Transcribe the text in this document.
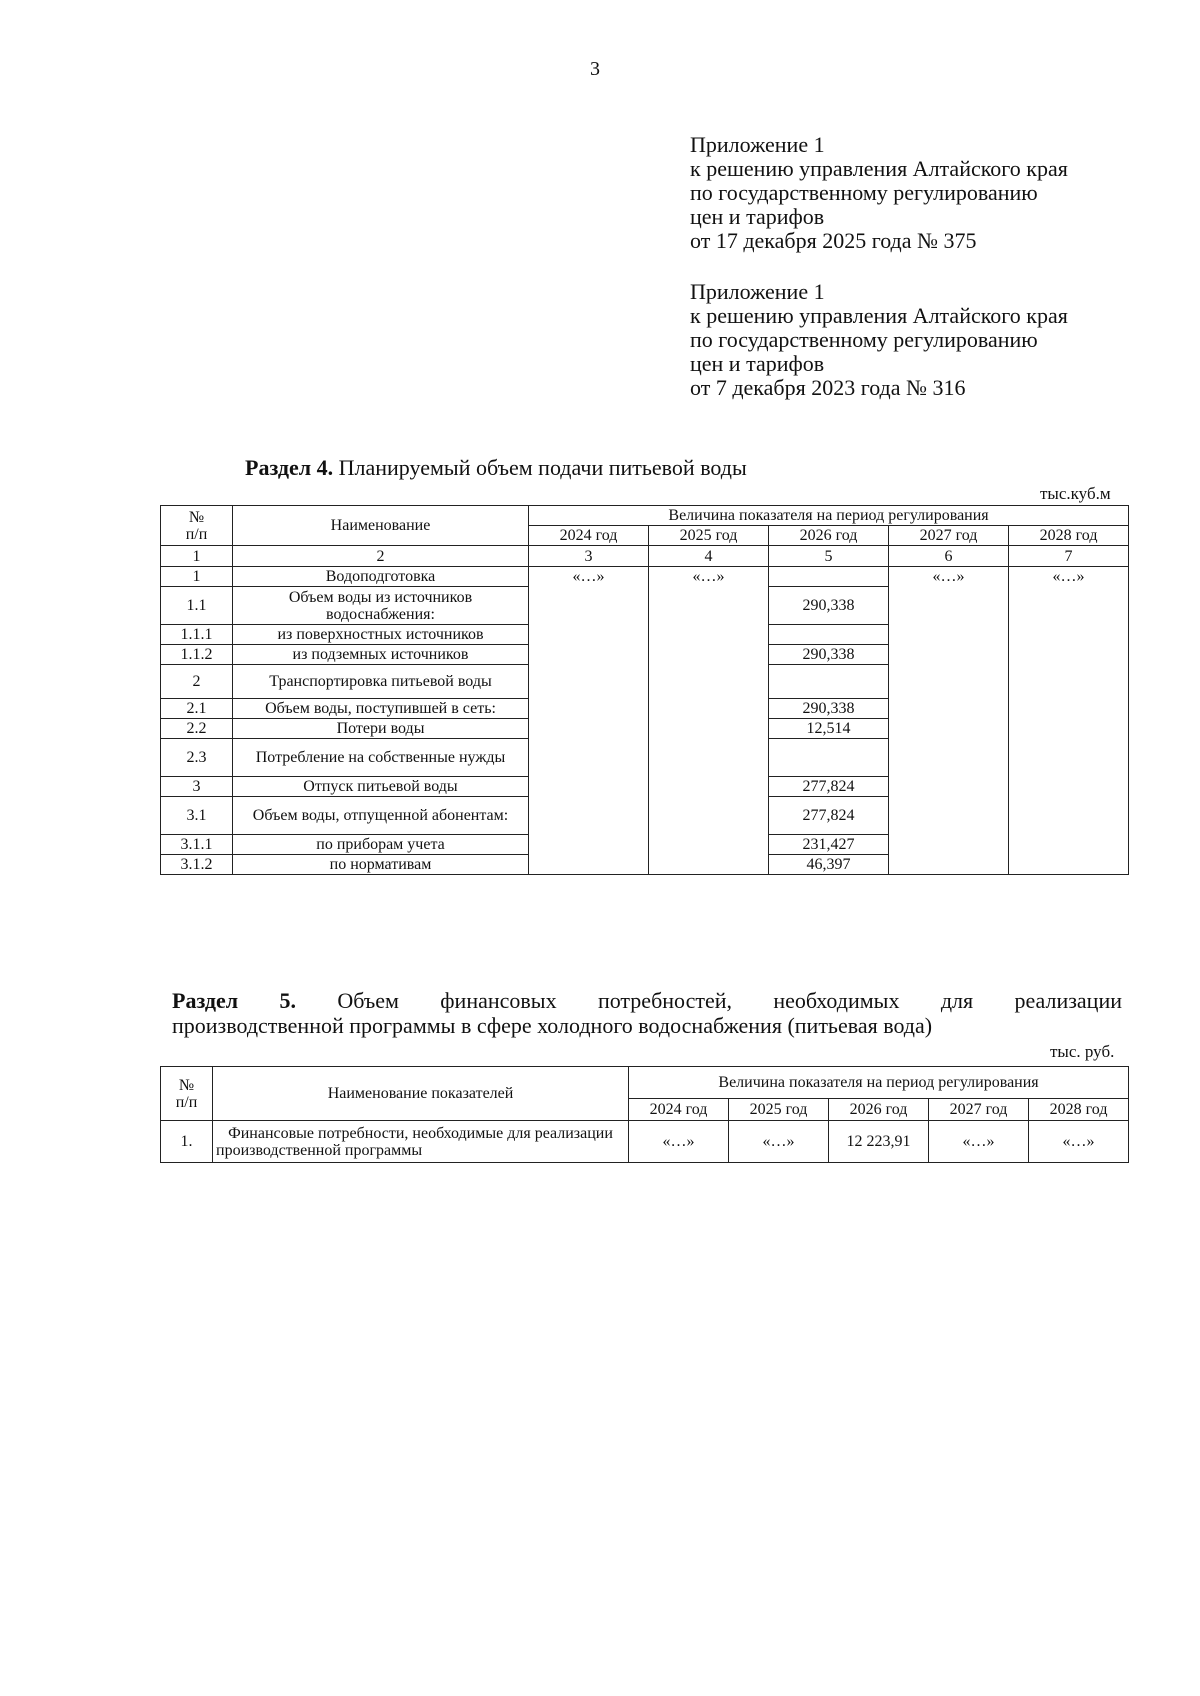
3
Приложение 1
к решению управления Алтайского края
по государственному регулированию
цен и тарифов
от 17 декабря 2025 года № 375
Приложение 1
к решению управления Алтайского края
по государственному регулированию
цен и тарифов
от 7 декабря 2023 года № 316
Раздел 4. Планируемый объем подачи питьевой воды
тыс.куб.м
№
п/п	Наименование	Величина показателя на период регулирования				
		2024 год	2025 год	2026 год	2027 год	2028 год
1	2	3	4	5	6	7
1	Водоподготовка	«…»	«…»		«…»	«…»
1.1	Объем воды из источников водоснабжения:			290,338		
1.1.1	из поверхностных источников					
1.1.2	из подземных источников			290,338		
2	Транспортировка питьевой воды					
2.1	Объем воды, поступившей в сеть:			290,338		
2.2	Потери воды			12,514		
2.3	Потребление на собственные нужды					
3	Отпуск питьевой воды			277,824		
3.1	Объем воды, отпущенной абонентам:			277,824		
3.1.1	по приборам учета			231,427		
3.1.2	по нормативам			46,397		
Раздел 5. Объем финансовых потребностей, необходимых для реализации
производственной программы в сфере холодного водоснабжения (питьевая вода)
тыс. руб.
№
п/п	Наименование показателей	Величина показателя на период регулирования				
		2024 год	2025 год	2026 год	2027 год	2028 год
1.	Финансовые потребности, необходимые для реализации производственной программы	«…»	«…»	12 223,91	«…»	«…»
